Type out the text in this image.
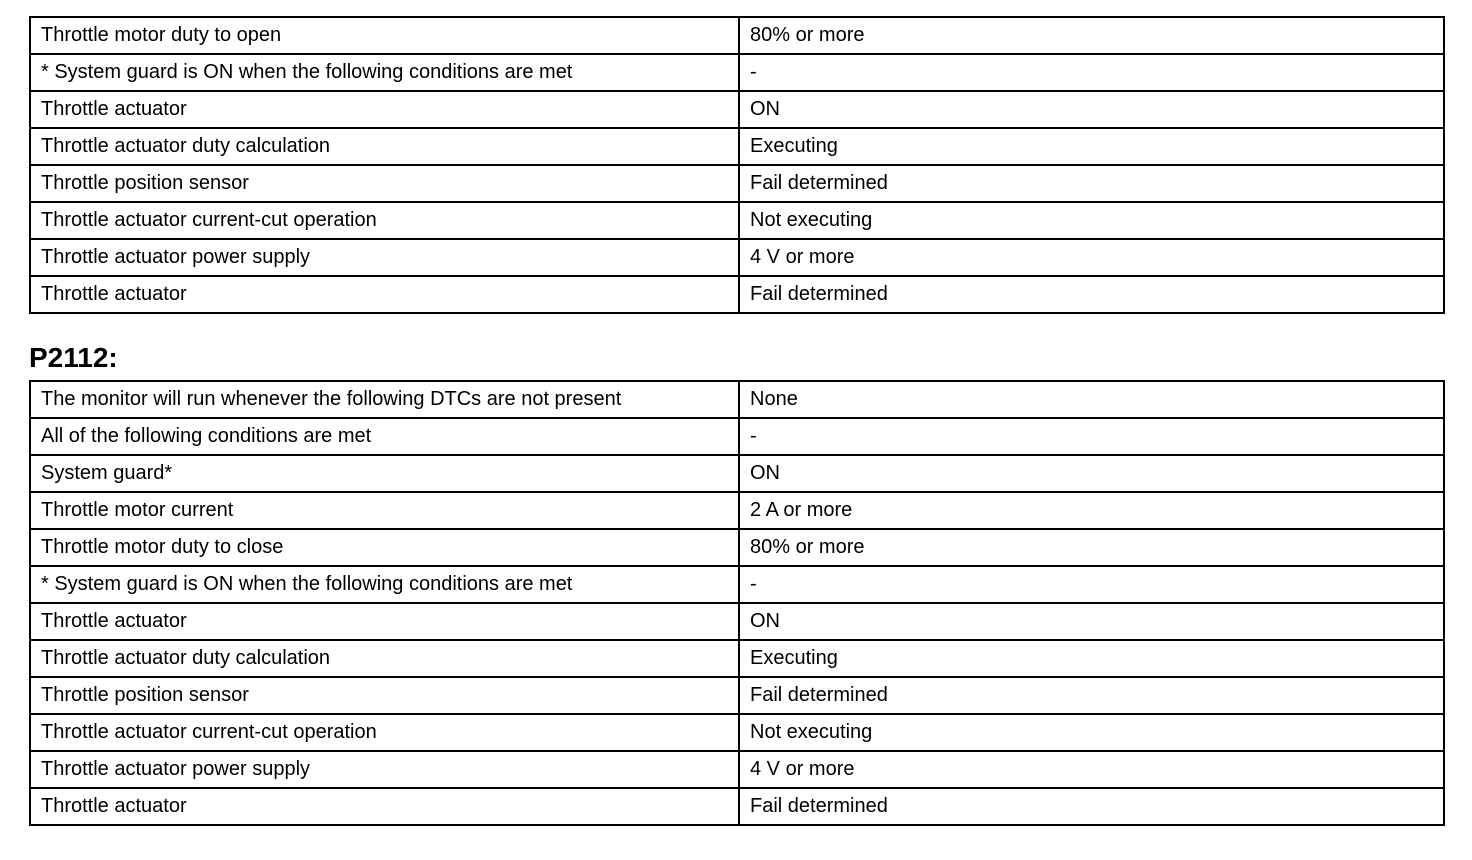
Throttle motor duty to open	80% or more
* System guard is ON when the following conditions are met	-
Throttle actuator	ON
Throttle actuator duty calculation	Executing
Throttle position sensor	Fail determined
Throttle actuator current-cut operation	Not executing
Throttle actuator power supply	4 V or more
Throttle actuator	Fail determined
P2112:
The monitor will run whenever the following DTCs are not present	None
All of the following conditions are met	-
System guard*	ON
Throttle motor current	2 A or more
Throttle motor duty to close	80% or more
* System guard is ON when the following conditions are met	-
Throttle actuator	ON
Throttle actuator duty calculation	Executing
Throttle position sensor	Fail determined
Throttle actuator current-cut operation	Not executing
Throttle actuator power supply	4 V or more
Throttle actuator	Fail determined
